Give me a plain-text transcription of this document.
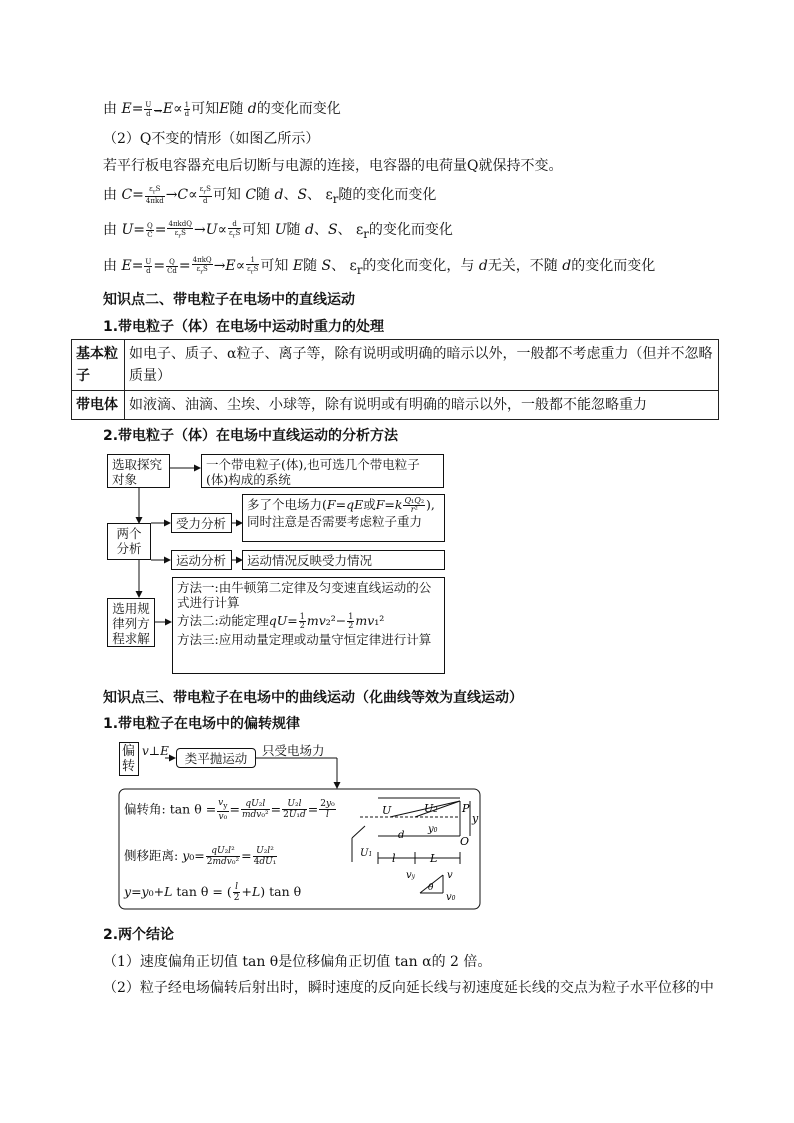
由 $E= \frac{U}{d} \to E\propto \frac{1}{d}$ 可知E随 d的变化而变化
（2）Q不变的情形（如图乙所示）
若平行板电容器充电后切断与电源的连接，电容器的电荷量Q就保持不变。
由 $C= \frac{\varepsilon_rS}{\text{4πkd}} \to C\propto \frac{\varepsilon_rS}{d}$ 可知 C随 d、S、 $\varepsilon_r$随的变化而变化
由 $U= \frac{Q}{C} = \frac{\text{4πkdQ}}{\varepsilon_rS} \to U\propto \frac{d}{\varepsilon_rS}$ 可知 U随 d、S、 $\varepsilon_r$的变化而变化
由 $E= \frac{U}{d} = \frac{Q}{Cd} = \frac{\text{4πkQ}}{\varepsilon_rS} \to E\propto \frac{1}{\varepsilon_rS}$ 可知 E随 S、 $\varepsilon_r$的变化而变化，与 d无关，不随 d的变化而变化
知识点二、带电粒子在电场中的直线运动
1.带电粒子（体）在电场中运动时重力的处理
基本粒子	如电子、质子、α粒子、离子等，除有说明或明确的暗示以外，一般都不考虑重力（但并不忽略质量）
带电体	如液滴、油滴、尘埃、小球等，除有说明或有明确的暗示以外，一般都不能忽略重力
2.带电粒子（体）在电场中直线运动的分析方法
选取探究对象
一个带电粒子(体),也可选几个带电粒子(体)构成的系统
两个分析
受力分析
多了个电场力(F=qE或$F=k \frac{\text{Q₁Q₂}}{\text{r²}}$ ),
同时注意是否需要考虑粒子重力
运动分析	运动情况反映受力情况
选用规律列方程求解
方法一:由牛顿第二定律及匀变速直线运动的公式进行计算
方法二:动能定理$qU= \frac{1}{2} mv_2^2- \frac{1}{2} mv_1^2$
方法三:应用动量定理或动量守恒定律进行计算
知识点三、带电粒子在电场中的曲线运动（化曲线等效为直线运动）
1.带电粒子在电场中的偏转规律
U	U2 P
y
O
d
y0
U1 l	L
vy	v
v0
θ
偏转
v⊥E	类平抛运动
只受电场力
偏转角: $\tan \theta = \frac{v_y}{\text{v₀}} = \frac{\text{qU₂l}}{\text{mdv₀²}} = \frac{\text{U₂l}}{\text{2U₁d}} = \frac{\text{2y₀}}{l}$
侧移距离: $y_0= \frac{\text{qU₂l²}}{\text{2mdv₀²}} = \frac{\text{U₂l²}}{\text{4dU₁}}$
y=y₀+L tan θ = ( $\frac{l}{2} +L$) tan θ
2.两个结论
（1）速度偏角正切值 tan θ是位移偏角正切值 tan α的 2 倍。
（2）粒子经电场偏转后射出时，瞬时速度的反向延长线与初速度延长线的交点为粒子水平位移的中
